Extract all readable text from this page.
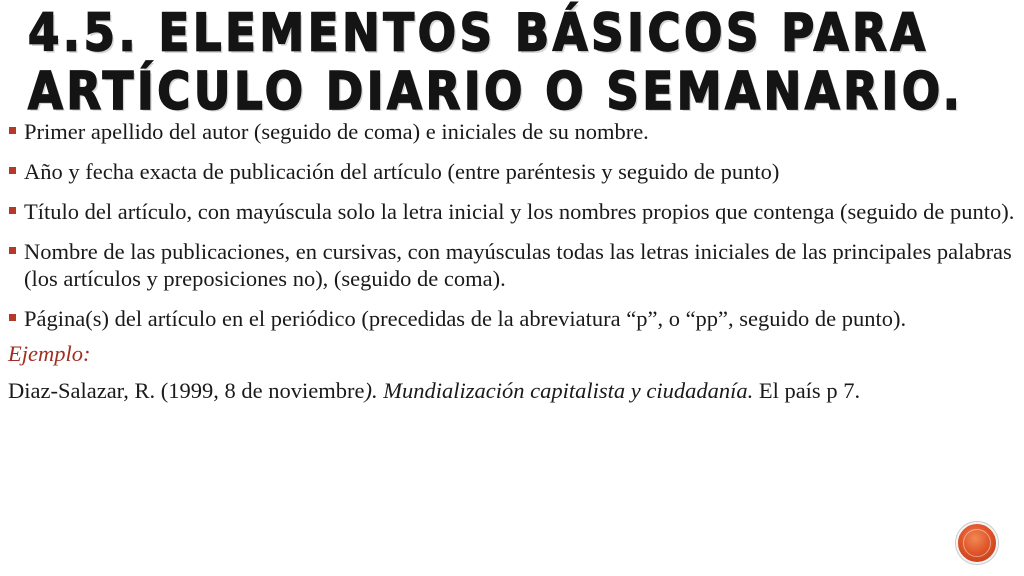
4.5. ELEMENTOS BÁSICOS PARA ARTÍCULO DIARIO O SEMANARIO.
Primer apellido del autor (seguido de coma) e iniciales de su nombre.
Año y fecha exacta de publicación del artículo (entre paréntesis y seguido de punto)
Título del artículo, con mayúscula solo la letra inicial y los nombres propios que contenga (seguido de punto).
Nombre de las publicaciones, en cursivas, con mayúsculas todas las letras iniciales de las principales palabras (los artículos y preposiciones no), (seguido de coma).
Página(s) del artículo en el periódico (precedidas de la abreviatura “p”, o “pp”, seguido de punto).

Ejemplo:

Diaz-Salazar, R. (1999, 8 de noviembre). Mundialización capitalista y ciudadanía. El país p 7.
